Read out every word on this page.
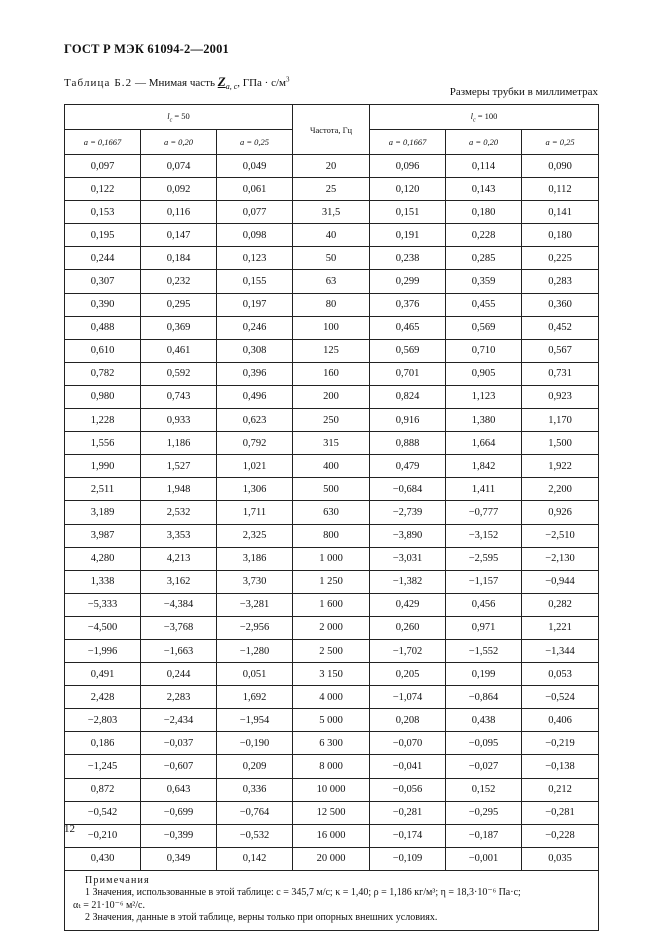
ГОСТ Р МЭК 61094-2—2001
Таблица Б.2 — Мнимая часть $Z_{a, c}$, ГПа · $с/м^3$
Размеры трубки в миллиметрах
$l_c = 50$			Частота, Гц	$l_c = 100$		
a = 0,1667	a = 0,20	a = 0,25		a = 0,1667	a = 0,20	a = 0,25
0,097	0,074	0,049	20	0,096	0,114	0,090
0,122	0,092	0,061	25	0,120	0,143	0,112
0,153	0,116	0,077	31,5	0,151	0,180	0,141
0,195	0,147	0,098	40	0,191	0,228	0,180
0,244	0,184	0,123	50	0,238	0,285	0,225
0,307	0,232	0,155	63	0,299	0,359	0,283
0,390	0,295	0,197	80	0,376	0,455	0,360
0,488	0,369	0,246	100	0,465	0,569	0,452
0,610	0,461	0,308	125	0,569	0,710	0,567
0,782	0,592	0,396	160	0,701	0,905	0,731
0,980	0,743	0,496	200	0,824	1,123	0,923
1,228	0,933	0,623	250	0,916	1,380	1,170
1,556	1,186	0,792	315	0,888	1,664	1,500
1,990	1,527	1,021	400	0,479	1,842	1,922
2,511	1,948	1,306	500	−0,684	1,411	2,200
3,189	2,532	1,711	630	−2,739	−0,777	0,926
3,987	3,353	2,325	800	−3,890	−3,152	−2,510
4,280	4,213	3,186	1 000	−3,031	−2,595	−2,130
1,338	3,162	3,730	1 250	−1,382	−1,157	−0,944
−5,333	−4,384	−3,281	1 600	0,429	0,456	0,282
−4,500	−3,768	−2,956	2 000	0,260	0,971	1,221
−1,996	−1,663	−1,280	2 500	−1,702	−1,552	−1,344
0,491	0,244	0,051	3 150	0,205	0,199	0,053
2,428	2,283	1,692	4 000	−1,074	−0,864	−0,524
−2,803	−2,434	−1,954	5 000	0,208	0,438	0,406
0,186	−0,037	−0,190	6 300	−0,070	−0,095	−0,219
−1,245	−0,607	0,209	8 000	−0,041	−0,027	−0,138
0,872	0,643	0,336	10 000	−0,056	0,152	0,212
−0,542	−0,699	−0,764	12 500	−0,281	−0,295	−0,281
−0,210	−0,399	−0,532	16 000	−0,174	−0,187	−0,228
0,430	0,349	0,142	20 000	−0,109	−0,001	0,035

Примечания
1 Значения, использованные в этой таблице: c = 345,7 м/с; κ = 1,40; ρ = 1,186 кг/м³; η = 18,3·10⁻⁶ Па·с;
αₜ = 21·10⁻⁶ м²/с.
2 Значения, данные в этой таблице, верны только при опорных внешних условиях.						
12
